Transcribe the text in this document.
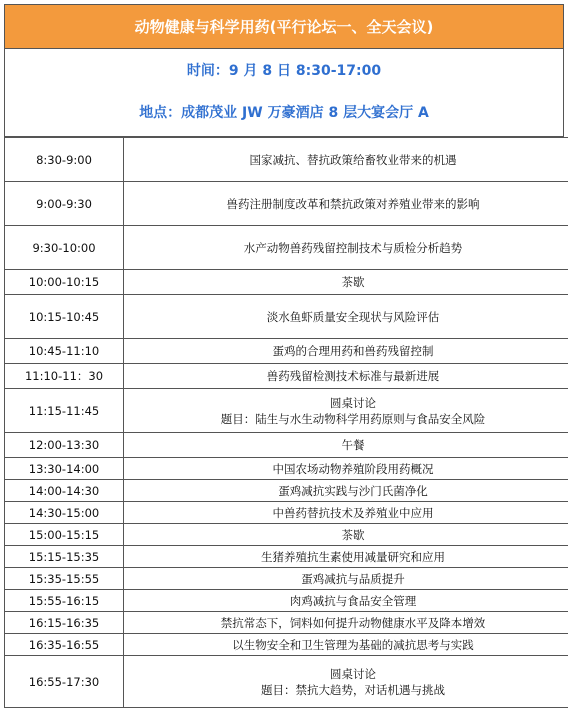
动物健康与科学用药(平行论坛一、全天会议)
时间：9 月 8 日 8:30-17:00
地点：成都茂业 JW 万豪酒店 8 层大宴会厅 A
8:30-9:00	国家减抗、替抗政策给畜牧业带来的机遇

9:00-9:30	兽药注册制度改革和禁抗政策对养殖业带来的影响

9:30-10:00	水产动物兽药残留控制技术与质检分析趋势

10:00-10:15	茶歇

10:15-10:45	淡水鱼虾质量安全现状与风险评估

10:45-11:10	蛋鸡的合理用药和兽药残留控制

11:10-11：30	兽药残留检测技术标准与最新进展

11:15-11:45	圆桌讨论
题目：陆生与水生动物科学用药原则与食品安全风险

12:00-13:30	午餐

13:30-14:00	中国农场动物养殖阶段用药概况

14:00-14:30	蛋鸡减抗实践与沙门氏菌净化

14:30-15:00	中兽药替抗技术及养殖业中应用

15:00-15:15	茶歇

15:15-15:35	生猪养殖抗生素使用减量研究和应用

15:35-15:55	蛋鸡减抗与品质提升

15:55-16:15	肉鸡减抗与食品安全管理

16:15-16:35	禁抗常态下，饲料如何提升动物健康水平及降本增效

16:35-16:55	以生物安全和卫生管理为基础的减抗思考与实践

16:55-17:30	圆桌讨论
题目：禁抗大趋势，对话机遇与挑战
